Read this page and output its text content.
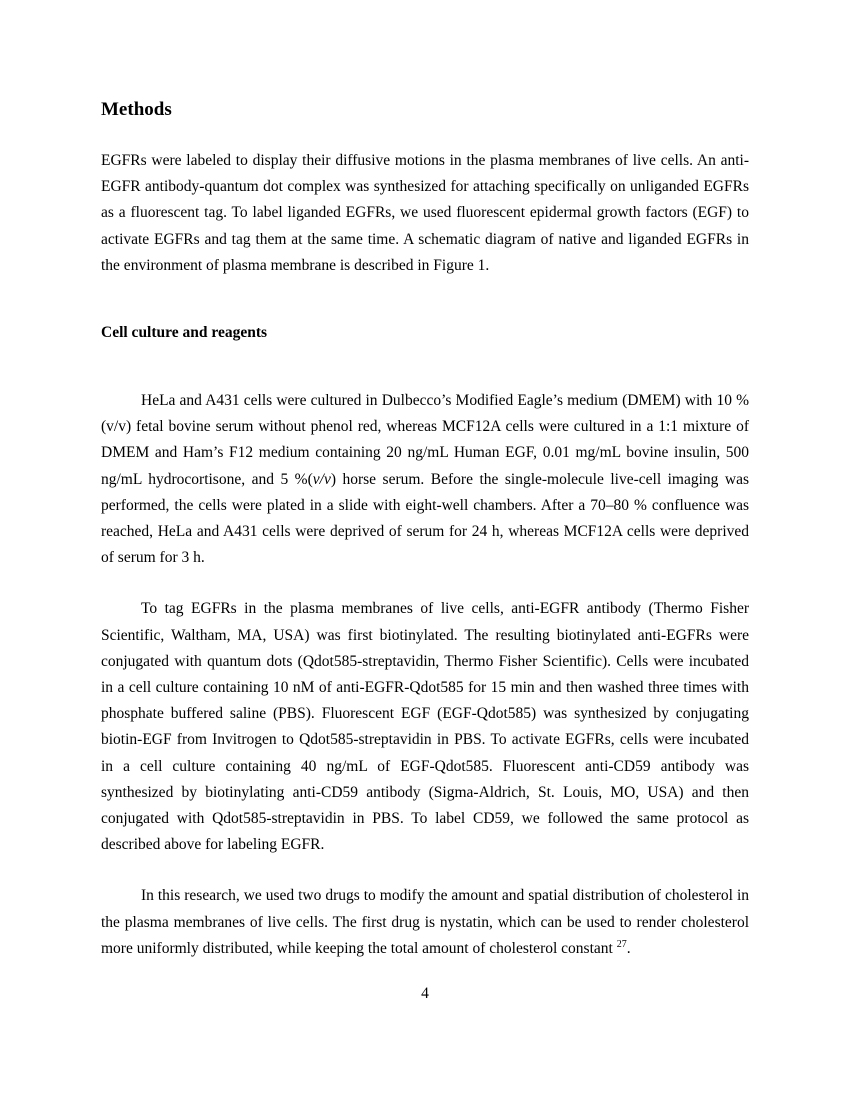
Methods

EGFRs were labeled to display their diffusive motions in the plasma membranes of live cells. An anti-EGFR antibody-quantum dot complex was synthesized for attaching specifically on unliganded EGFRs as a fluorescent tag. To label liganded EGFRs, we used fluorescent epidermal growth factors (EGF) to activate EGFRs and tag them at the same time. A schematic diagram of native and liganded EGFRs in the environment of plasma membrane is described in Figure 1.

Cell culture and reagents

HeLa and A431 cells were cultured in Dulbecco’s Modified Eagle’s medium (DMEM) with 10 % (v/v) fetal bovine serum without phenol red, whereas MCF12A cells were cultured in a 1:1 mixture of DMEM and Ham’s F12 medium containing 20 ng/mL Human EGF, 0.01 mg/mL bovine insulin, 500 ng/mL hydrocortisone, and 5 %(v/v) horse serum. Before the single-molecule live-cell imaging was performed, the cells were plated in a slide with eight-well chambers. After a 70–80 % confluence was reached, HeLa and A431 cells were deprived of serum for 24 h, whereas MCF12A cells were deprived of serum for 3 h.

To tag EGFRs in the plasma membranes of live cells, anti-EGFR antibody (Thermo Fisher Scientific, Waltham, MA, USA) was first biotinylated. The resulting biotinylated anti-EGFRs were conjugated with quantum dots (Qdot585-streptavidin, Thermo Fisher Scientific). Cells were incubated in a cell culture containing 10 nM of anti-EGFR-Qdot585 for 15 min and then washed three times with phosphate buffered saline (PBS). Fluorescent EGF (EGF-Qdot585) was synthesized by conjugating biotin-EGF from Invitrogen to Qdot585-streptavidin in PBS. To activate EGFRs, cells were incubated in a cell culture containing 40 ng/mL of EGF-Qdot585. Fluorescent anti-CD59 antibody was synthesized by biotinylating anti-CD59 antibody (Sigma-Aldrich, St. Louis, MO, USA) and then conjugated with Qdot585-streptavidin in PBS. To label CD59, we followed the same protocol as described above for labeling EGFR.

In this research, we used two drugs to modify the amount and spatial distribution of cholesterol in the plasma membranes of live cells. The first drug is nystatin, which can be used to render cholesterol more uniformly distributed, while keeping the total amount of cholesterol constant $^{27}$.

4
